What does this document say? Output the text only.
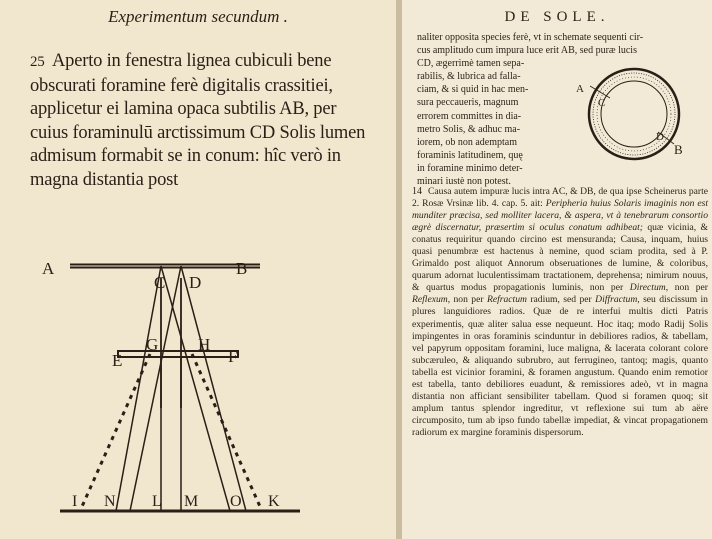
Experimentum secundum .
25 Aperto in fenestra lignea cubiculi bene obscurati foramine ferè digitalis crassitiei, applicetur ei lamina opaca subtilis AB, per cuius foraminulū arctissimum CD Solis lumen admisum formabit se in conum: hîc verò in magna distantia post
A	B
C D
E	F
G H
I N L M O K
DE SOLE.
naliter opposita species ferè, vt in schemate sequenti cir-
cus amplitudo cum impura luce erit AB, sed puræ lucis
CD, ægerrimè tamen sepa-
rabilis, & lubrica ad falla-
ciam, & si quid in hac men-
sura peccaueris, magnum
errorem committes in dia-
metro Solis, & adhuc ma-
iorem, ob non ademptam
foraminis latitudinem, quę
in foramine minimo deter-
minari iustè non potest.
A
C
D
B
14 Causa autem impuræ lucis intra AC, & DB, de qua ipse Scheinerus parte 2. Rosæ Vrsinæ lib. 4. cap. 5. ait: Peripheria huius Solaris imaginis non est munditer præcisa, sed molliter lacera, & aspera, vt à tenebrarum consortio ægrè discernatur, præsertim si oculus conatum adhibeat; quæ vicinia, & conatus requiritur quando circino est mensuranda; Causa, inquam, huius quasi penumbræ est hactenus à nemine, quod sciam prodita, sed à P. Grimaldo post aliquot Annorum obseruationes de lumine, & coloribus, quarum adornat luculentissimam tractationem, deprehensa; nimirum nouus, & quartus modus propagationis luminis, non per Directum, non per Reflexum, non per Refractum radium, sed per Diffractum, seu discissum in plures languidiores radios. Quæ de re interfui multis dicti Patris experimentis, quæ aliter salua esse nequeunt. Hoc itaq; modo Radij Solis impingentes in oras foraminis scinduntur in debiliores radios, & tabellam, vel papyrum oppositam foramini, luce maligna, & lacerata colorant colore subcæruleo, & aliquando subrubro, aut ferrugineo, tantoq; magis, quanto tabella est vicinior foramini, & foramen angustum. Quando enim remotior est tabella, tanto debiliores euadunt, & remissiores adeò, vt in magna distantia non afficiant sensibiliter tabellam. Quod si foramen quoq; sit amplum tantus splendor ingreditur, vt reflexione sui tum ab aëre circumposito, tum ab ipso fundo tabellæ impediat, & vincat propagationem radiorum ex margine foraminis dispersorum.
